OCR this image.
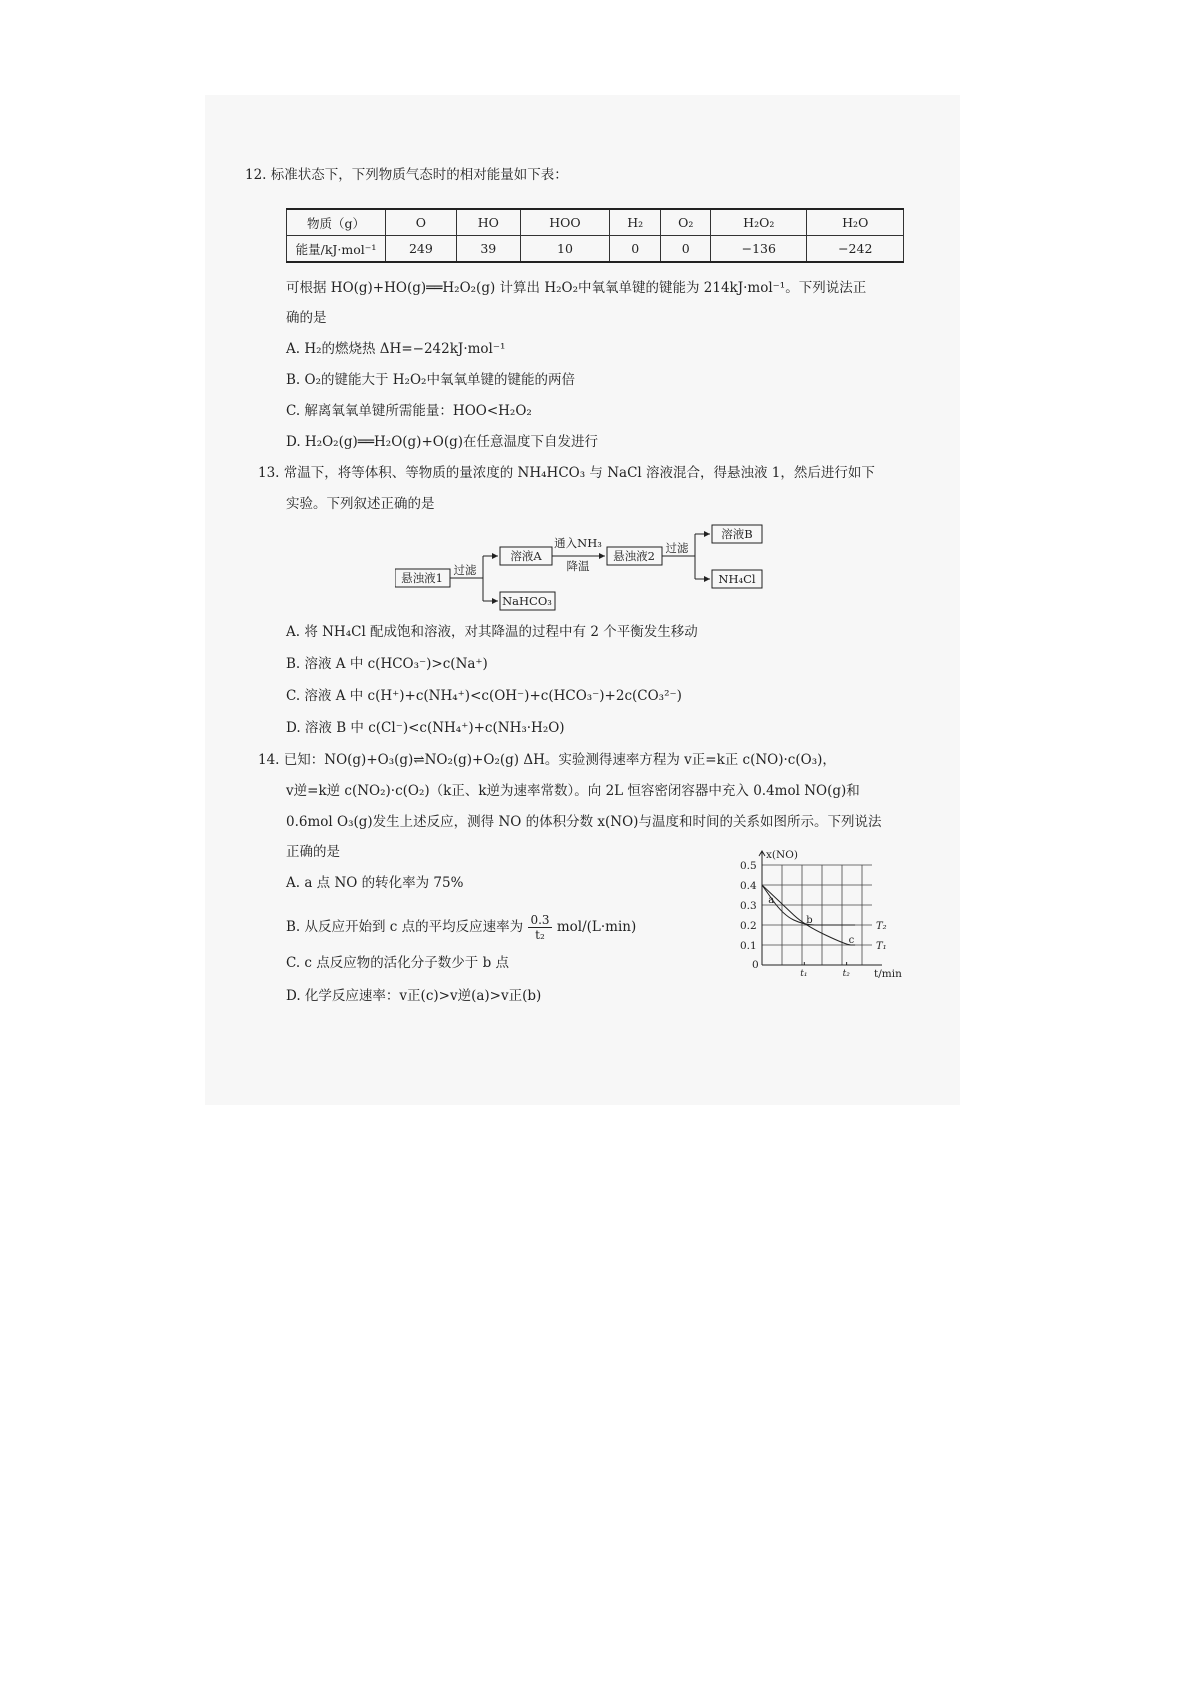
12. 标准状态下，下列物质气态时的相对能量如下表：
物质（g）	O	HO	HOO	H₂	O₂	H₂O₂	H₂O
能量/kJ·mol⁻¹	249	39	10	0	0	−136	−242
可根据 HO(g)+HO(g)══H₂O₂(g) 计算出 H₂O₂中氧氧单键的键能为 214kJ·mol⁻¹。下列说法正
确的是
A. H₂的燃烧热 ΔH=−242kJ·mol⁻¹
B. O₂的键能大于 H₂O₂中氧氧单键的键能的两倍
C. 解离氧氧单键所需能量：HOO<H₂O₂
D. H₂O₂(g)══H₂O(g)+O(g)在任意温度下自发进行
13. 常温下，将等体积、等物质的量浓度的 NH₄HCO₃ 与 NaCl 溶液混合，得悬浊液 1，然后进行如下
实验。下列叙述正确的是
悬浊液1
过滤
溶液A
NaHCO₃
通入NH₃
降温
悬浊液2
过滤
溶液B
NH₄Cl
A. 将 NH₄Cl 配成饱和溶液，对其降温的过程中有 2 个平衡发生移动
B. 溶液 A 中 c(HCO₃⁻)>c(Na⁺)
C. 溶液 A 中 c(H⁺)+c(NH₄⁺)<c(OH⁻)+c(HCO₃⁻)+2c(CO₃²⁻)
D. 溶液 B 中 c(Cl⁻)<c(NH₄⁺)+c(NH₃·H₂O)
14. 已知：NO(g)+O₃(g)⇌NO₂(g)+O₂(g) ΔH。实验测得速率方程为 v正=k正 c(NO)·c(O₃)，
v逆=k逆 c(NO₂)·c(O₂)（k正、k逆为速率常数）。向 2L 恒容密闭容器中充入 0.4mol NO(g)和
0.6mol O₃(g)发生上述反应，测得 NO 的体积分数 x(NO)与温度和时间的关系如图所示。下列说法
正确的是
A. a 点 NO 的转化率为 75%
B. 从反应开始到 c 点的平均反应速率为 $\frac{0.3}{\text{t₂}} mol/(L\cdot\min)$
C. c 点反应物的活化分子数少于 b 点
D. 化学反应速率：v正(c)>v逆(a)>v正(b)
x(NO)
t/min
0
0.1
0.2
0.3
0.4
0.5
t₁	t₂
T₂
T₁
a
b
c
